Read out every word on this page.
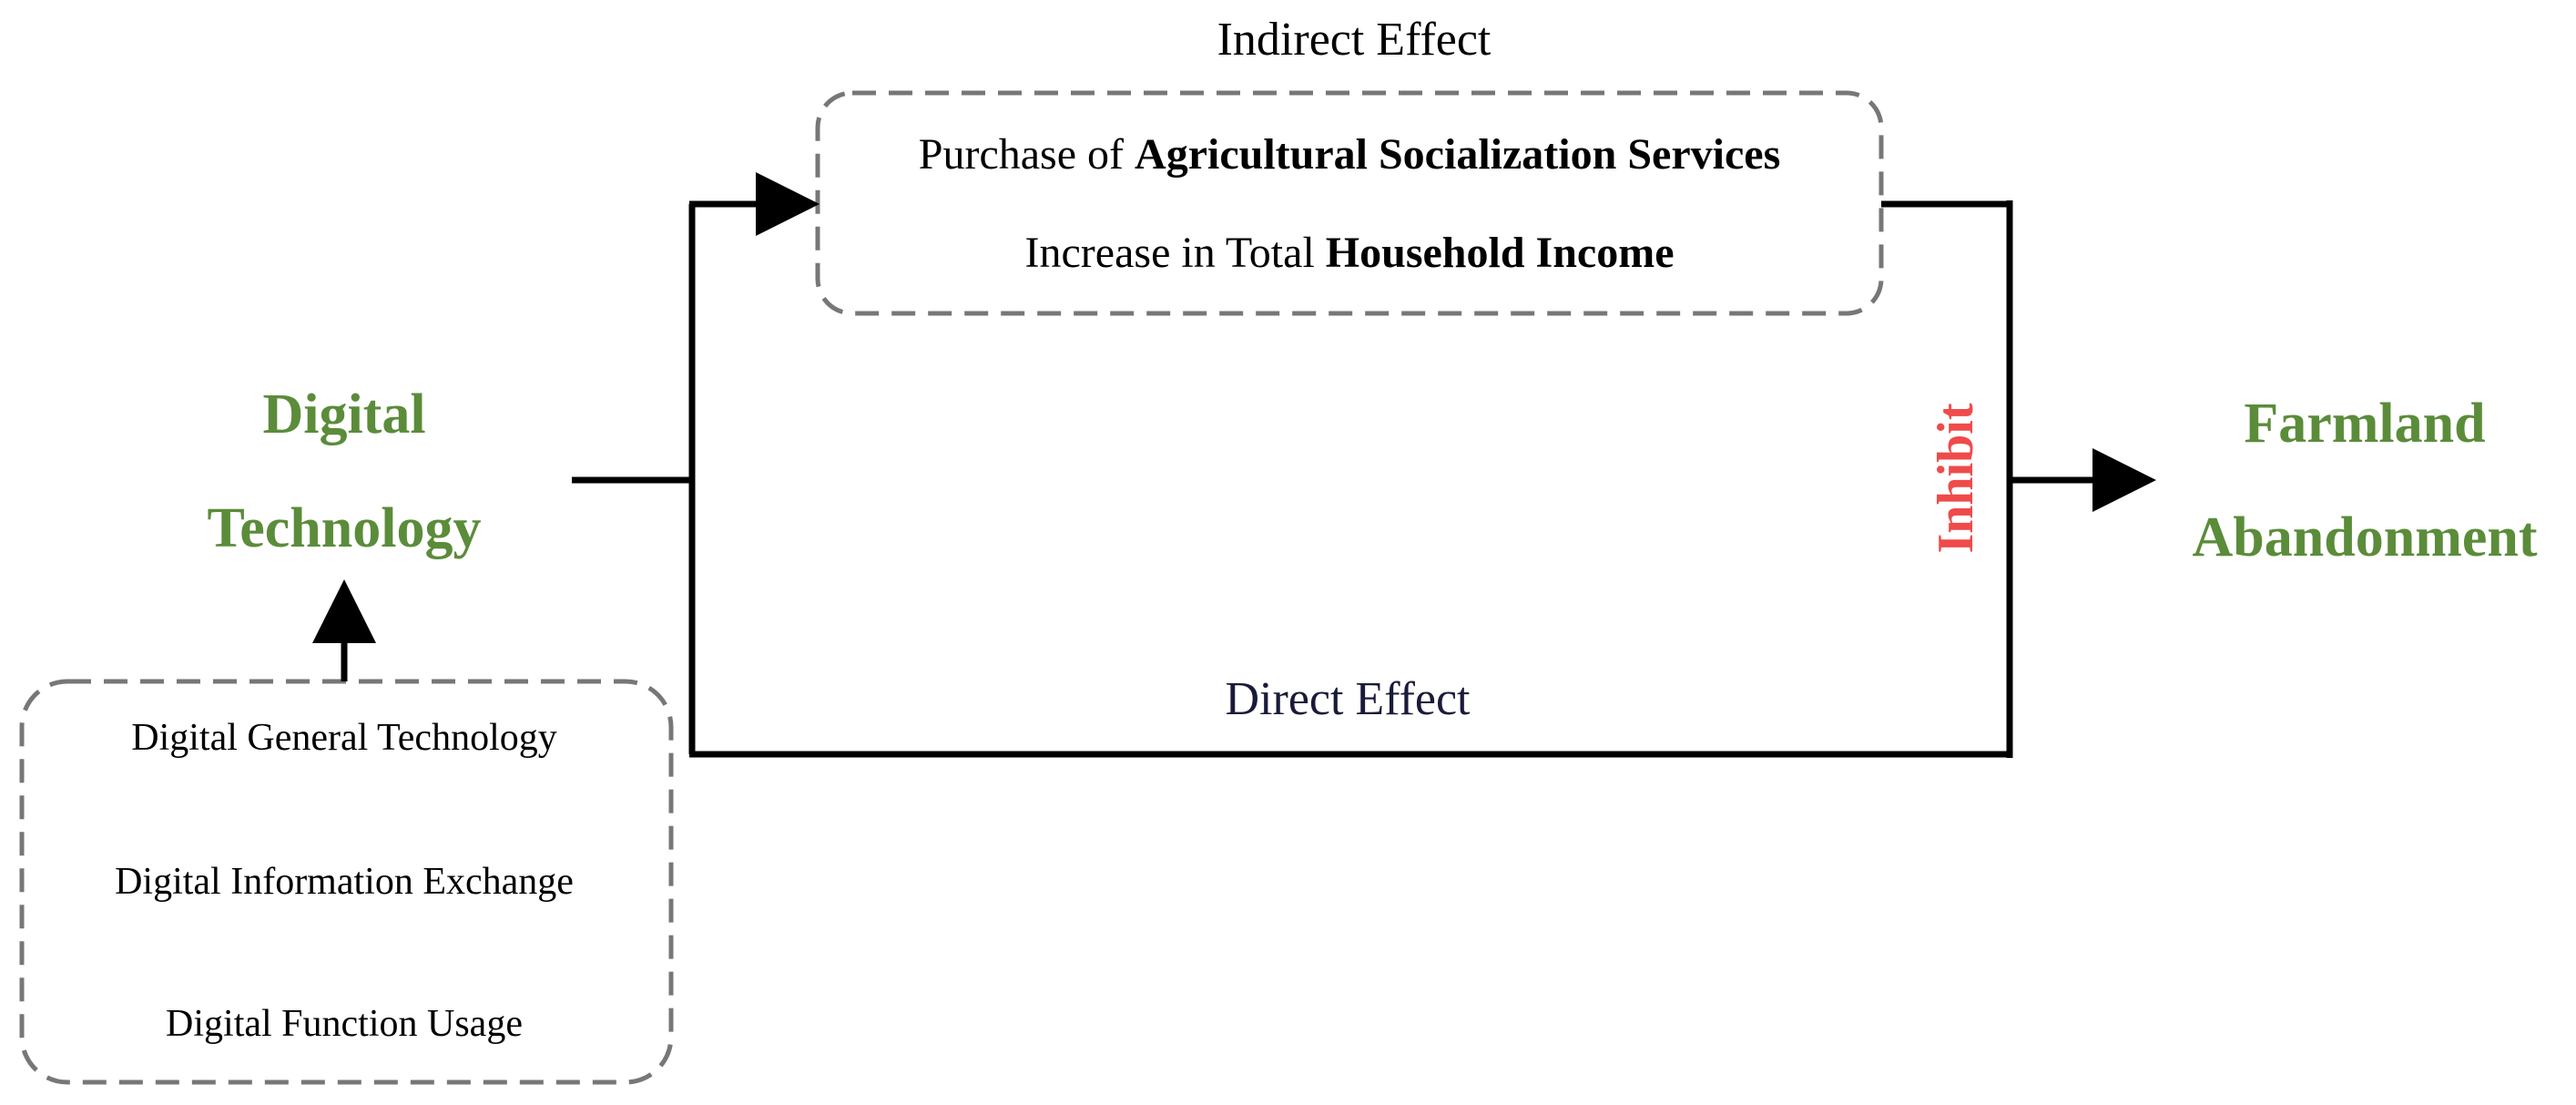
Indirect Effect
Purchase of Agricultural Socialization Services
Increase in Total Household Income
Digital
Technology
Farmland
Abandonment
Inhibit
Direct Effect
Digital General Technology
Digital Information Exchange
Digital Function Usage
